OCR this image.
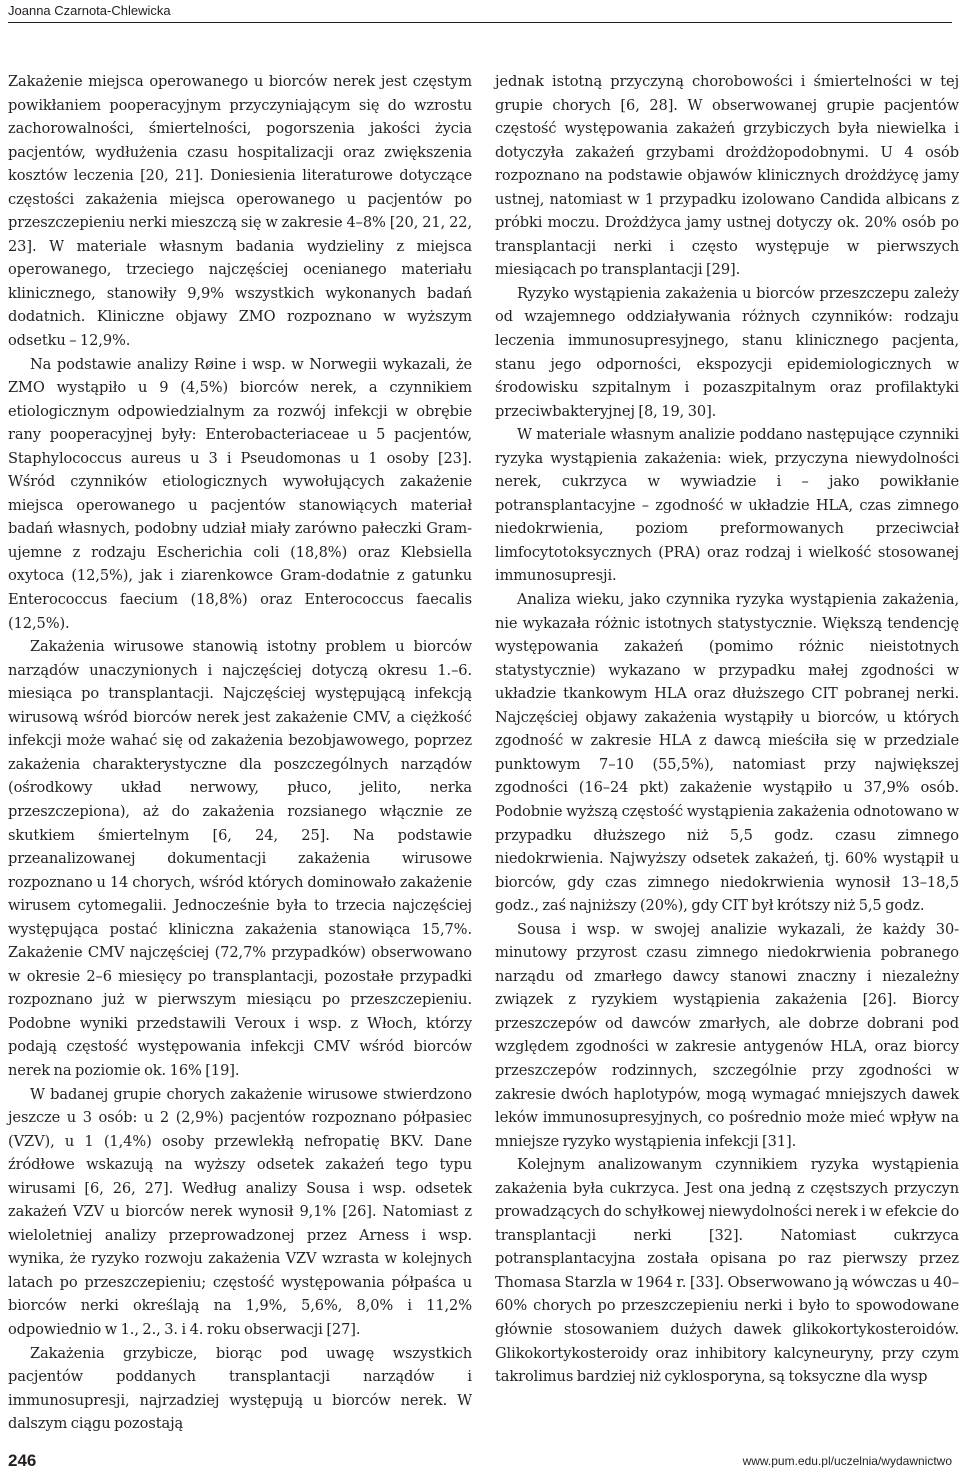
Joanna Czarnota-Chlewicka

Zakażenie miejsca operowanego u biorców nerek jest częstym powikłaniem pooperacyjnym przyczyniającym się do wzrostu zachorowalności, śmiertelności, pogorszenia jakości życia pacjentów, wydłużenia czasu hospitalizacji oraz zwiększenia kosztów leczenia [20, 21]. Doniesienia literaturowe dotyczące częstości zakażenia miejsca operowanego u pacjentów po przeszczepieniu nerki mieszczą się w zakresie 4–8% [20, 21, 22, 23]. W materiale własnym badania wydzieliny z miejsca operowanego, trzeciego najczęściej ocenianego materiału klinicznego, stanowiły 9,9% wszystkich wykonanych badań dodatnich. Kliniczne objawy ZMO rozpoznano w wyższym odsetku – 12,9%.

Na podstawie analizy Røine i wsp. w Norwegii wykazali, że ZMO wystąpiło u 9 (4,5%) biorców nerek, a czynnikiem etiologicznym odpowiedzialnym za rozwój infekcji w obrębie rany pooperacyjnej były: Enterobacteriaceae u 5 pacjentów, Staphylococcus aureus u 3 i Pseudomonas u 1 osoby [23]. Wśród czynników etiologicznych wywołujących zakażenie miejsca operowanego u pacjentów stanowiących materiał badań własnych, podobny udział miały zarówno pałeczki Gram-ujemne z rodzaju Escherichia coli (18,8%) oraz Klebsiella oxytoca (12,5%), jak i ziarenkowce Gram-dodatnie z gatunku Enterococcus faecium (18,8%) oraz Enterococcus faecalis (12,5%).

Zakażenia wirusowe stanowią istotny problem u biorców narządów unaczynionych i najczęściej dotyczą okresu 1.–6. miesiąca po transplantacji. Najczęściej występującą infekcją wirusową wśród biorców nerek jest zakażenie CMV, a ciężkość infekcji może wahać się od zakażenia bezobjawowego, poprzez zakażenia charakterystyczne dla poszczególnych narządów (ośrodkowy układ nerwowy, płuco, jelito, nerka przeszczepiona), aż do zakażenia rozsianego włącznie ze skutkiem śmiertelnym [6, 24, 25]. Na podstawie przeanalizowanej dokumentacji zakażenia wirusowe rozpoznano u 14 chorych, wśród których dominowało zakażenie wirusem cytomegalii. Jednocześnie była to trzecia najczęściej występująca postać kliniczna zakażenia stanowiąca 15,7%. Zakażenie CMV najczęściej (72,7% przypadków) obserwowano w okresie 2–6 miesięcy po transplantacji, pozostałe przypadki rozpoznano już w pierwszym miesiącu po przeszczepieniu. Podobne wyniki przedstawili Veroux i wsp. z Włoch, którzy podają częstość występowania infekcji CMV wśród biorców nerek na poziomie ok. 16% [19].

W badanej grupie chorych zakażenie wirusowe stwierdzono jeszcze u 3 osób: u 2 (2,9%) pacjentów rozpoznano półpasiec (VZV), u 1 (1,4%) osoby przewlekłą nefropatię BKV. Dane źródłowe wskazują na wyższy odsetek zakażeń tego typu wirusami [6, 26, 27]. Według analizy Sousa i wsp. odsetek zakażeń VZV u biorców nerek wynosił 9,1% [26]. Natomiast z wieloletniej analizy przeprowadzonej przez Arness i wsp. wynika, że ryzyko rozwoju zakażenia VZV wzrasta w kolejnych latach po przeszczepieniu; częstość występowania półpaśca u biorców nerki określają na 1,9%, 5,6%, 8,0% i 11,2% odpowiednio w 1., 2., 3. i 4. roku obserwacji [27].

Zakażenia grzybicze, biorąc pod uwagę wszystkich pacjentów poddanych transplantacji narządów i immunosupresji, najrzadziej występują u biorców nerek. W dalszym ciągu pozostają

jednak istotną przyczyną chorobowości i śmiertelności w tej grupie chorych [6, 28]. W obserwowanej grupie pacjentów częstość występowania zakażeń grzybiczych była niewielka i dotyczyła zakażeń grzybami drożdżopodobnymi. U 4 osób rozpoznano na podstawie objawów klinicznych drożdżycę jamy ustnej, natomiast w 1 przypadku izolowano Candida albicans z próbki moczu. Drożdżyca jamy ustnej dotyczy ok. 20% osób po transplantacji nerki i często występuje w pierwszych miesiącach po transplantacji [29].

Ryzyko wystąpienia zakażenia u biorców przeszczepu zależy od wzajemnego oddziaływania różnych czynników: rodzaju leczenia immunosupresyjnego, stanu klinicznego pacjenta, stanu jego odporności, ekspozycji epidemiologicznych w środowisku szpitalnym i pozaszpitalnym oraz profilaktyki przeciwbakteryjnej [8, 19, 30].

W materiale własnym analizie poddano następujące czynniki ryzyka wystąpienia zakażenia: wiek, przyczyna niewydolności nerek, cukrzyca w wywiadzie i – jako powikłanie potransplantacyjne – zgodność w układzie HLA, czas zimnego niedokrwienia, poziom preformowanych przeciwciał limfocytotoksycznych (PRA) oraz rodzaj i wielkość stosowanej immunosupresji.

Analiza wieku, jako czynnika ryzyka wystąpienia zakażenia, nie wykazała różnic istotnych statystycznie. Większą tendencję występowania zakażeń (pomimo różnic nieistotnych statystycznie) wykazano w przypadku małej zgodności w układzie tkankowym HLA oraz dłuższego CIT pobranej nerki. Najczęściej objawy zakażenia wystąpiły u biorców, u których zgodność w zakresie HLA z dawcą mieściła się w przedziale punktowym 7–10 (55,5%), natomiast przy największej zgodności (16–24 pkt) zakażenie wystąpiło u 37,9% osób. Podobnie wyższą częstość wystąpienia zakażenia odnotowano w przypadku dłuższego niż 5,5 godz. czasu zimnego niedokrwienia. Najwyższy odsetek zakażeń, tj. 60% wystąpił u biorców, gdy czas zimnego niedokrwienia wynosił 13–18,5 godz., zaś najniższy (20%), gdy CIT był krótszy niż 5,5 godz.

Sousa i wsp. w swojej analizie wykazali, że każdy 30-minutowy przyrost czasu zimnego niedokrwienia pobranego narządu od zmarłego dawcy stanowi znaczny i niezależny związek z ryzykiem wystąpienia zakażenia [26]. Biorcy przeszczepów od dawców zmarłych, ale dobrze dobrani pod względem zgodności w zakresie antygenów HLA, oraz biorcy przeszczepów rodzinnych, szczególnie przy zgodności w zakresie dwóch haplotypów, mogą wymagać mniejszych dawek leków immunosupresyjnych, co pośrednio może mieć wpływ na mniejsze ryzyko wystąpienia infekcji [31].

Kolejnym analizowanym czynnikiem ryzyka wystąpienia zakażenia była cukrzyca. Jest ona jedną z częstszych przyczyn prowadzących do schyłkowej niewydolności nerek i w efekcie do transplantacji nerki [32]. Natomiast cukrzyca potransplantacyjna została opisana po raz pierwszy przez Thomasa Starzla w 1964 r. [33]. Obserwowano ją wówczas u 40–60% chorych po przeszczepieniu nerki i było to spowodowane głównie stosowaniem dużych dawek glikokortykosteroidów. Glikokortykosteroidy oraz inhibitory kalcyneuryny, przy czym takrolimus bardziej niż cyklosporyna, są toksyczne dla wysp

246	www.pum.edu.pl/uczelnia/wydawnictwo
